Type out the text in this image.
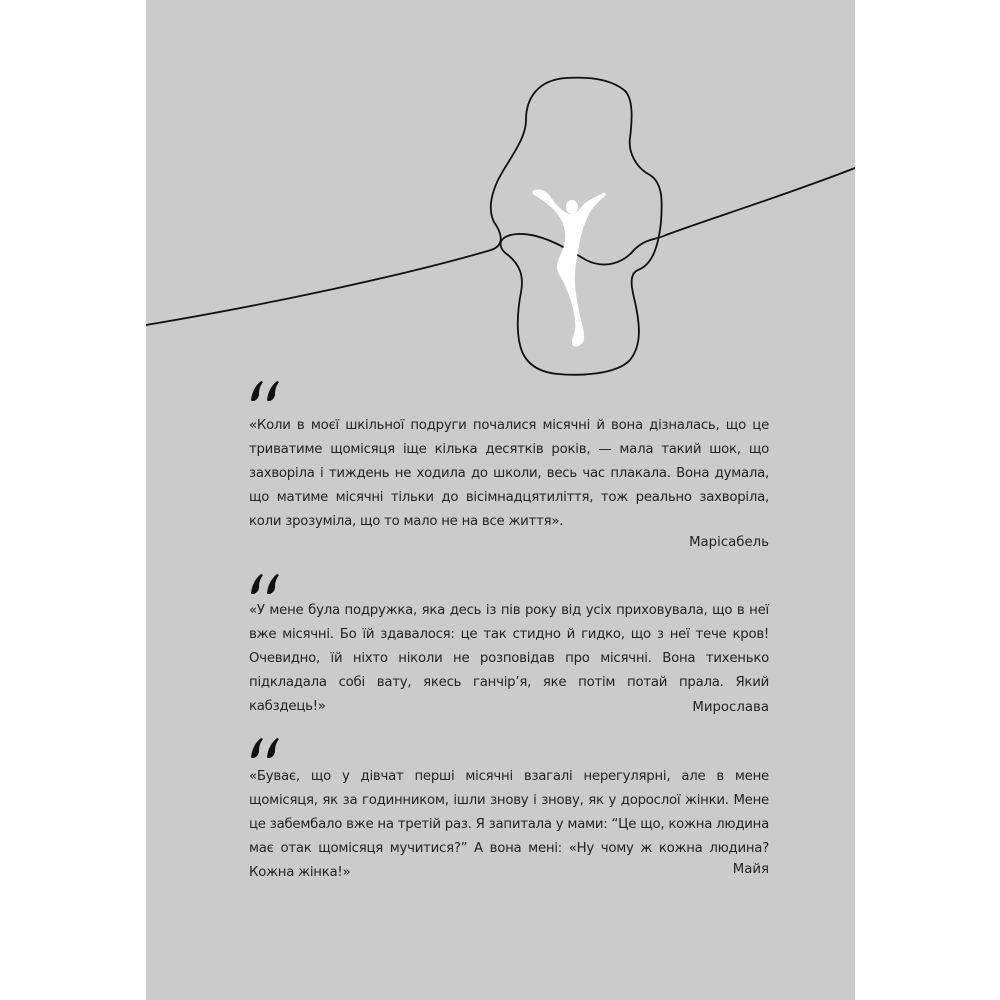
«Коли в моєї шкільної подруги почалися місячні й вона дізналась, що це триватиме щомісяця іще кілька десятків років, — мала такий шок, що захворіла і тиждень не ходила до школи, весь час плакала. Вона думала, що матиме місячні тільки до вісімнадцятиліття, тож реально захворіла, коли зрозуміла, що то мало не на все життя».
Марісабель
«У мене була подружка, яка десь із пів року від усіх приховувала, що в неї вже місячні. Бо їй здавалося: це так стидно й гидко, що з неї тече кров! Очевидно, їй ніхто ніколи не розповідав про місячні. Вона тихенько підкладала собі вату, якесь ганчір’я, яке потім потай прала. Який кабздець!»	Мирослава
«Буває, що у дівчат перші місячні взагалі нерегулярні, але в мене щомісяця, як за годинником, ішли знову і знову, як у дорослої жінки. Мене це забембало вже на третій раз. Я запитала у мами: “Це що, кожна людина має отак щомісяця мучитися?” А вона мені: «Ну чому ж кожна людина? Кожна жінка!»	Майя
